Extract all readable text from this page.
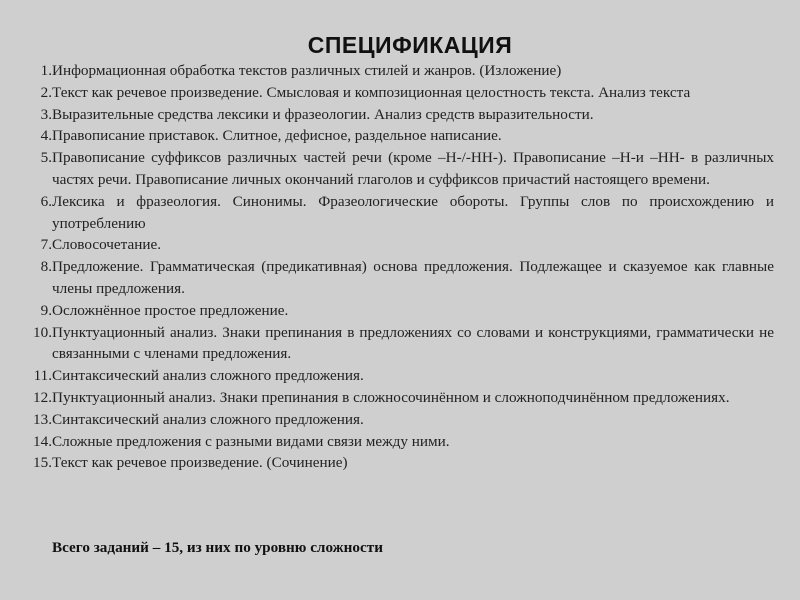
СПЕЦИФИКАЦИЯ
1. Информационная обработка текстов различных стилей и жанров. (Изложение)
2. Текст как речевое произведение. Смысловая и композиционная целостность текста. Анализ текста
3. Выразительные средства лексики и фразеологии. Анализ средств выразительности.
4. Правописание приставок. Слитное, дефисное, раздельное написание.
5. Правописание суффиксов различных частей речи (кроме –Н-/-НН-). Правописание –Н-и –НН- в различных частях речи. Правописание личных окончаний глаголов и суффиксов причастий настоящего времени.
6. Лексика и фразеология. Синонимы. Фразеологические обороты. Группы слов по происхождению и употреблению
7. Словосочетание.
8. Предложение. Грамматическая (предикативная) основа предложения. Подлежащее и сказуемое как главные члены предложения.
9. Осложнённое простое предложение.
10. Пунктуационный анализ. Знаки препинания в предложениях со словами и конструкциями, грамматически не связанными с членами предложения.
11. Синтаксический анализ сложного предложения.
12. Пунктуационный анализ. Знаки препинания в сложносочинённом и сложноподчинённом предложениях.
13. Синтаксический анализ сложного предложения.
14. Сложные предложения с разными видами связи между ними.
15. Текст как речевое произведение. (Сочинение)
Всего заданий – 15, из них по уровню сложности
